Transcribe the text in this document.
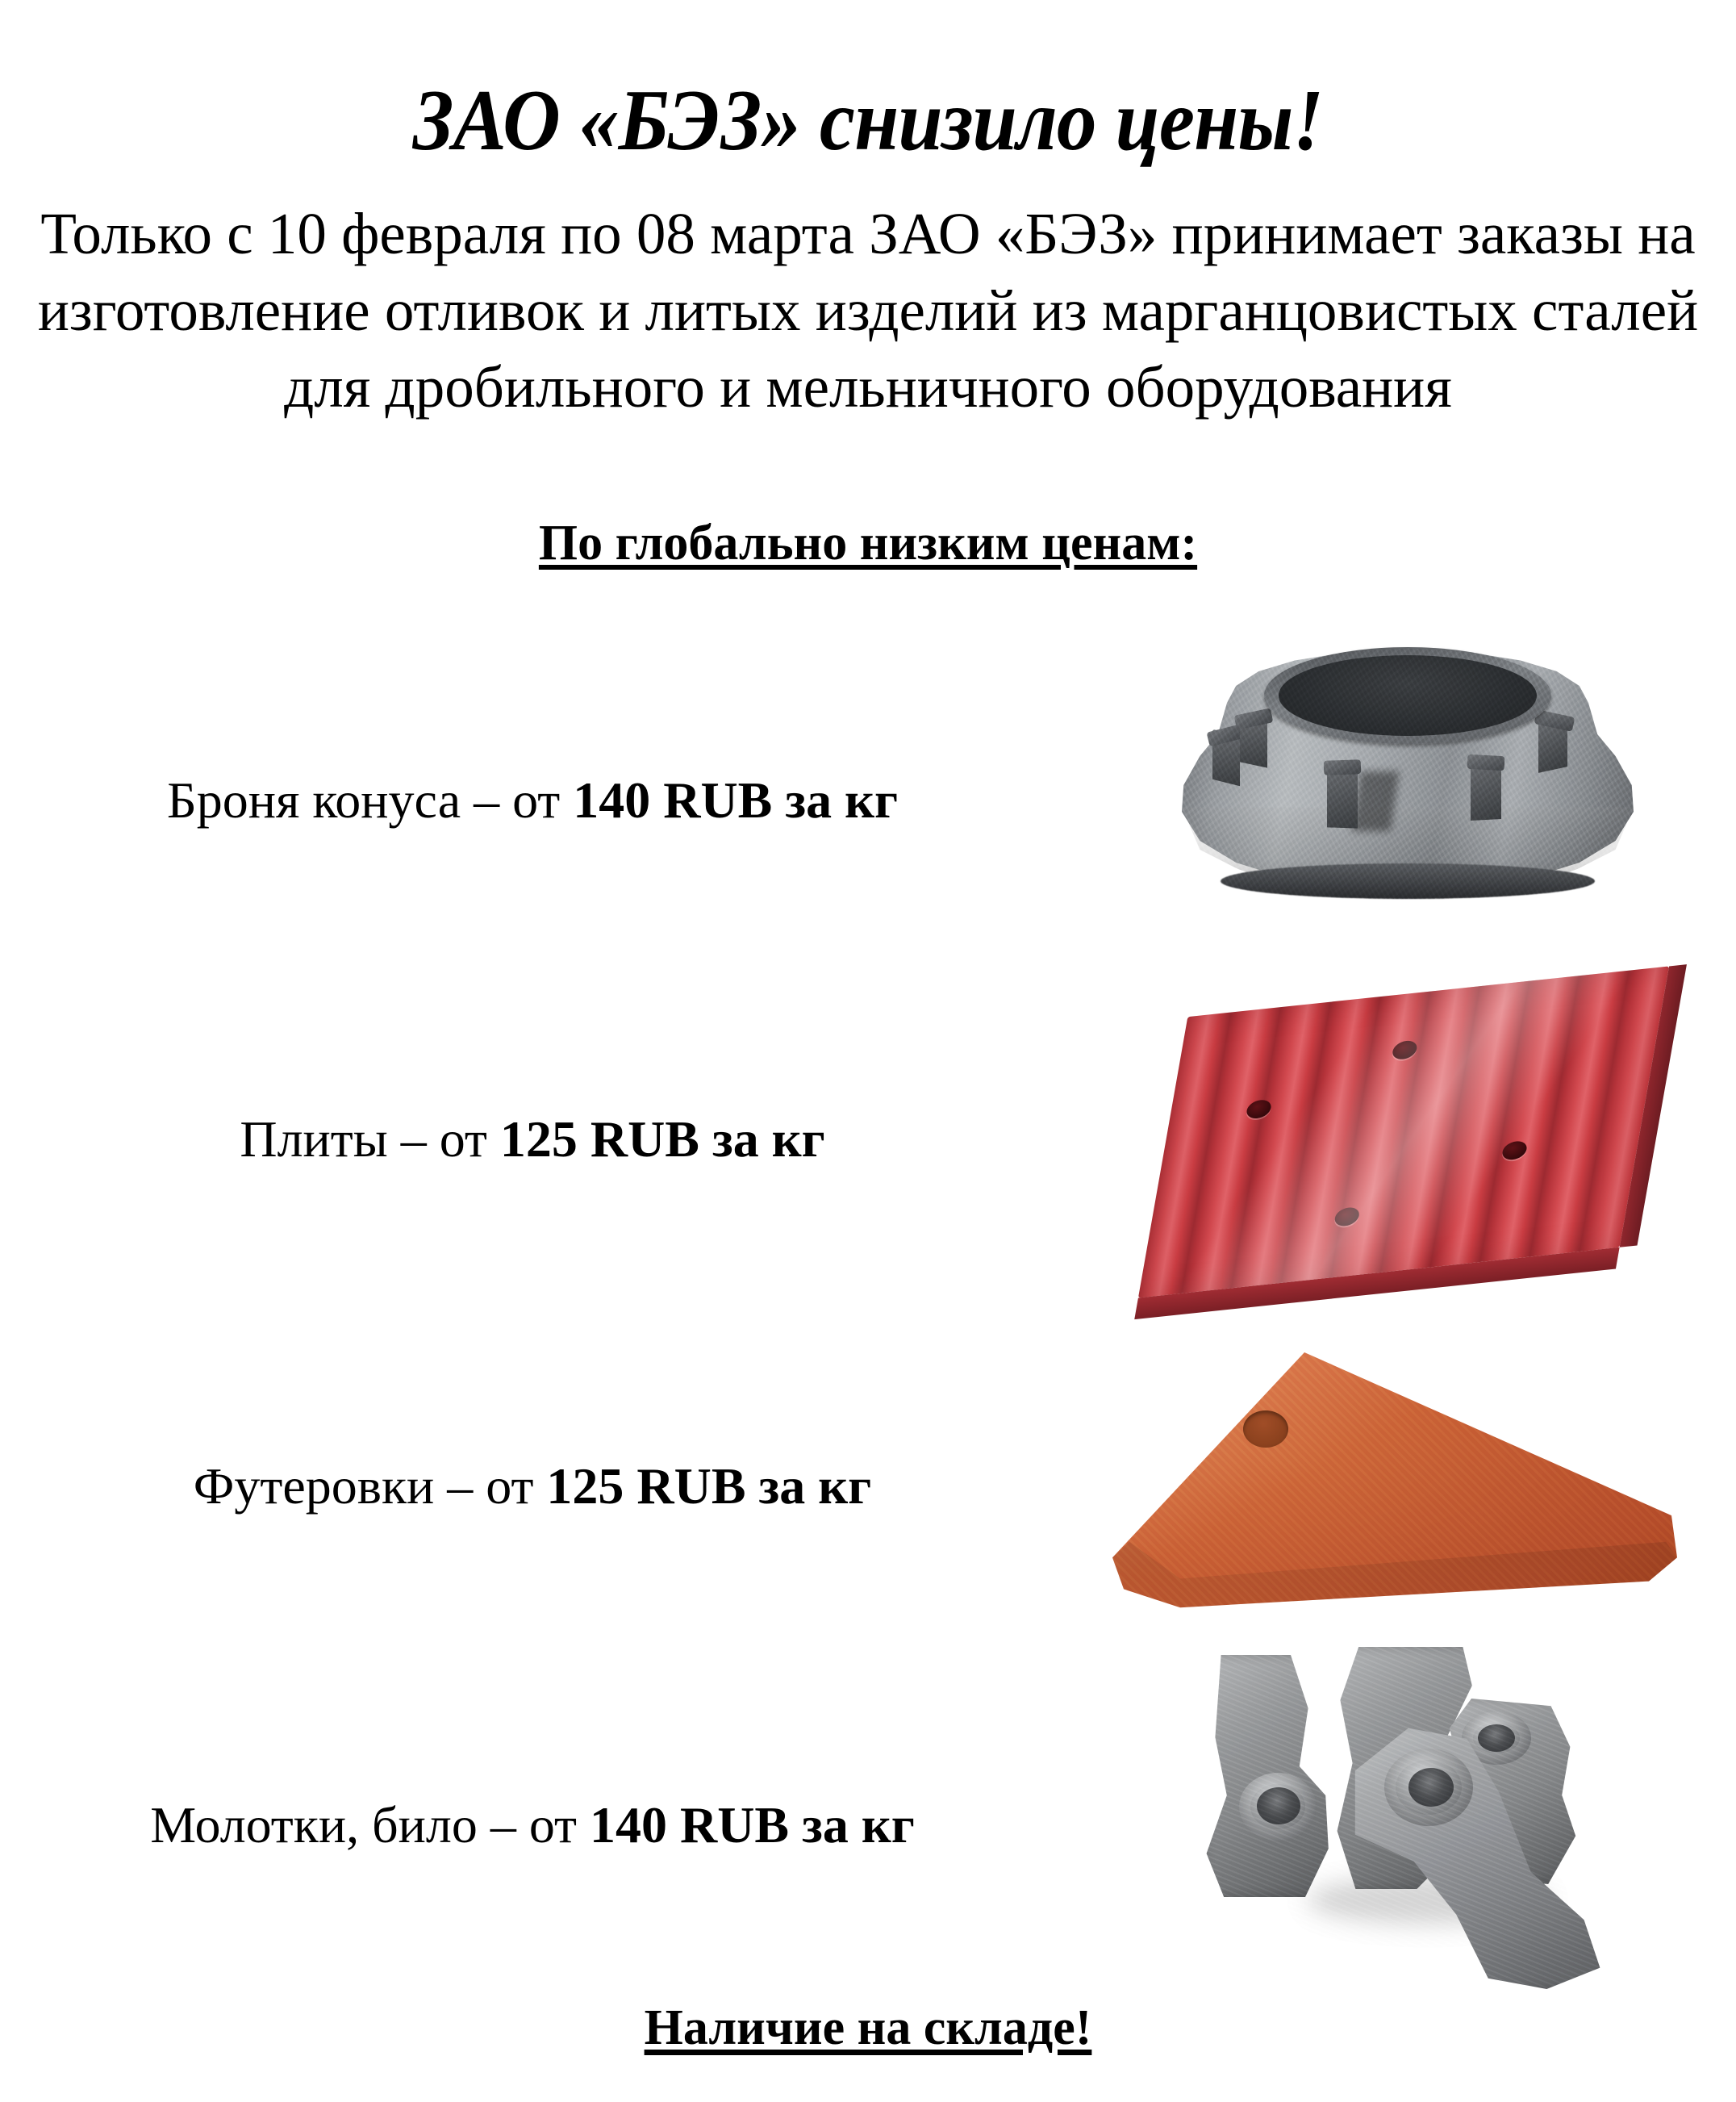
ЗАО «БЭЗ» снизило цены!

Только с 10 февраля по 08 марта ЗАО «БЭЗ» принимает заказы на изготовление отливок и литых изделий из марганцовистых сталей для дробильного и мельничного оборудования

По глобально низким ценам:
Броня конуса – от 140 RUB за кг
Плиты – от 125 RUB за кг
Футеровки – от 125 RUB за кг
Молотки, било – от 140 RUB за кг
Наличие на складе!
